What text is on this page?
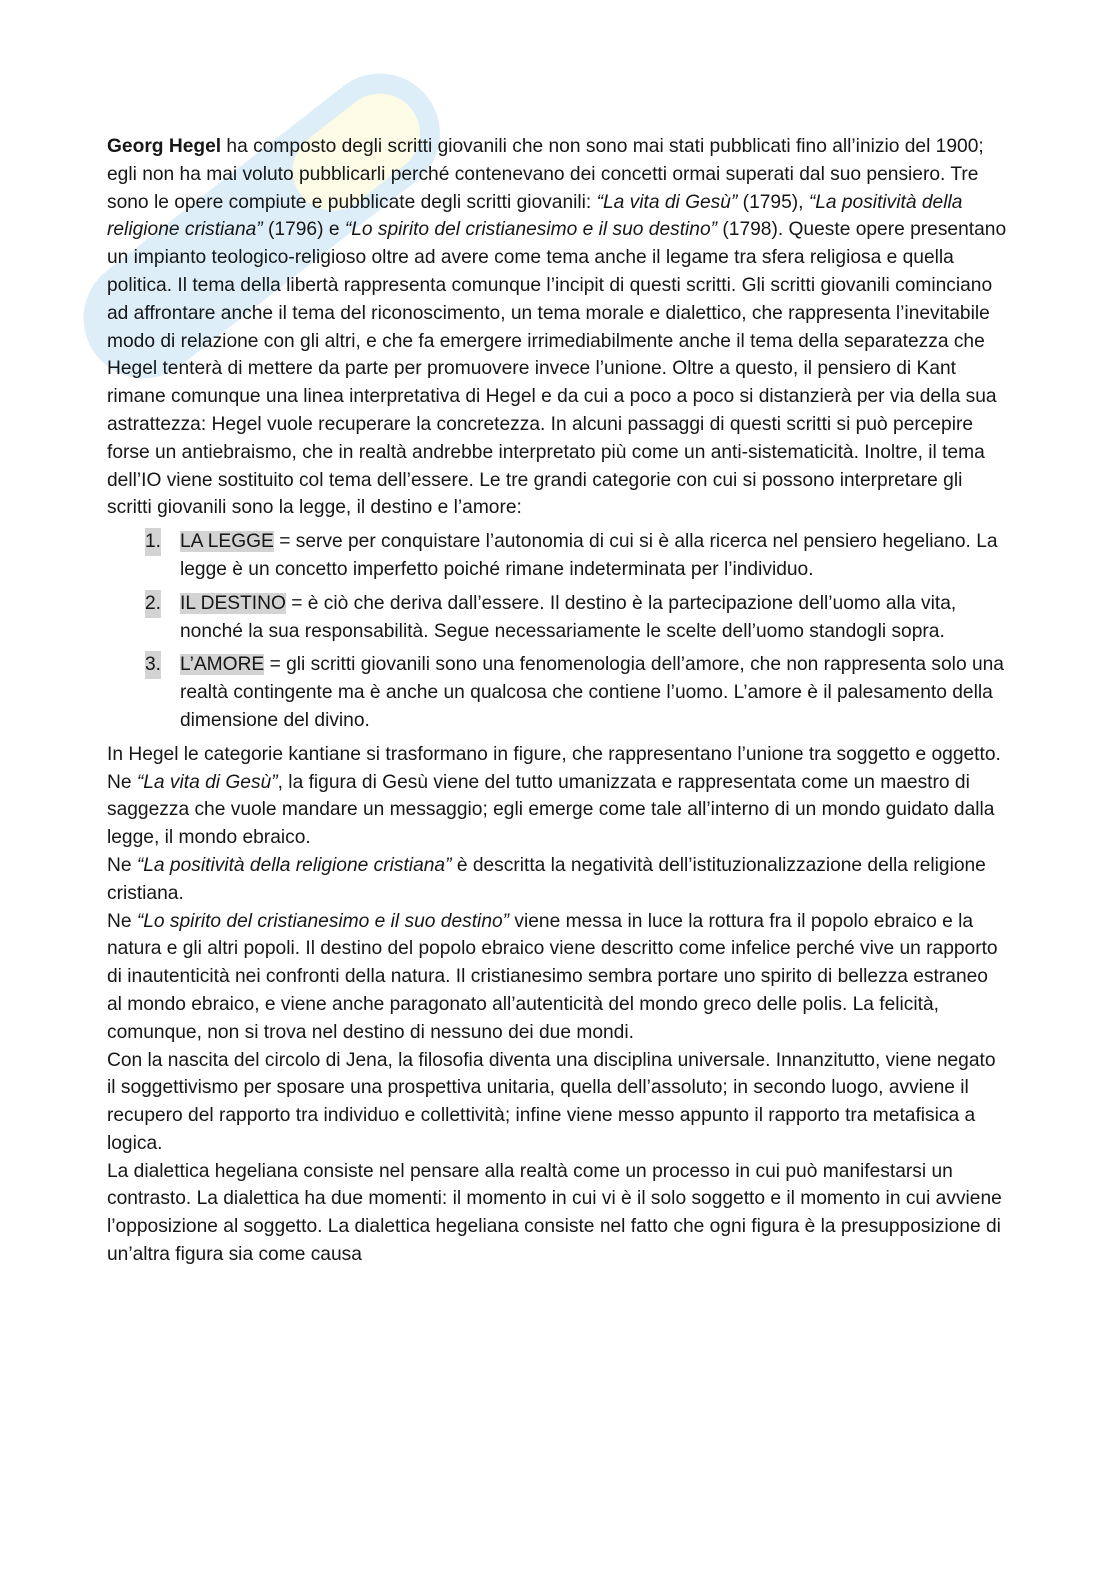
Georg Hegel ha composto degli scritti giovanili che non sono mai stati pubblicati fino all’inizio del 1900; egli non ha mai voluto pubblicarli perché contenevano dei concetti ormai superati dal suo pensiero. Tre sono le opere compiute e pubblicate degli scritti giovanili: “La vita di Gesù” (1795), “La positività della religione cristiana” (1796) e “Lo spirito del cristianesimo e il suo destino” (1798). Queste opere presentano un impianto teologico-religioso oltre ad avere come tema anche il legame tra sfera religiosa e quella politica. Il tema della libertà rappresenta comunque l’incipit di questi scritti. Gli scritti giovanili cominciano ad affrontare anche il tema del riconoscimento, un tema morale e dialettico, che rappresenta l’inevitabile modo di relazione con gli altri, e che fa emergere irrimediabilmente anche il tema della separatezza che Hegel tenterà di mettere da parte per promuovere invece l’unione. Oltre a questo, il pensiero di Kant rimane comunque una linea interpretativa di Hegel e da cui a poco a poco si distanzierà per via della sua astrattezza: Hegel vuole recuperare la concretezza. In alcuni passaggi di questi scritti si può percepire forse un antiebraismo, che in realtà andrebbe interpretato più come un anti-sistematicità. Inoltre, il tema dell’IO viene sostituito col tema dell’essere. Le tre grandi categorie con cui si possono interpretare gli scritti giovanili sono la legge, il destino e l’amore:

1. LA LEGGE = serve per conquistare l’autonomia di cui si è alla ricerca nel pensiero hegeliano. La legge è un concetto imperfetto poiché rimane indeterminata per l’individuo.
2. IL DESTINO = è ciò che deriva dall’essere. Il destino è la partecipazione dell’uomo alla vita, nonché la sua responsabilità. Segue necessariamente le scelte dell’uomo standogli sopra.
3. L’AMORE = gli scritti giovanili sono una fenomenologia dell’amore, che non rappresenta solo una realtà contingente ma è anche un qualcosa che contiene l’uomo. L’amore è il palesamento della dimensione del divino.

In Hegel le categorie kantiane si trasformano in figure, che rappresentano l’unione tra soggetto e oggetto.

Ne “La vita di Gesù”, la figura di Gesù viene del tutto umanizzata e rappresentata come un maestro di saggezza che vuole mandare un messaggio; egli emerge come tale all’interno di un mondo guidato dalla legge, il mondo ebraico.

Ne “La positività della religione cristiana” è descritta la negatività dell’istituzionalizzazione della religione cristiana.

Ne “Lo spirito del cristianesimo e il suo destino” viene messa in luce la rottura fra il popolo ebraico e la natura e gli altri popoli. Il destino del popolo ebraico viene descritto come infelice perché vive un rapporto di inautenticità nei confronti della natura. Il cristianesimo sembra portare uno spirito di bellezza estraneo al mondo ebraico, e viene anche paragonato all’autenticità del mondo greco delle polis. La felicità, comunque, non si trova nel destino di nessuno dei due mondi.

Con la nascita del circolo di Jena, la filosofia diventa una disciplina universale. Innanzitutto, viene negato il soggettivismo per sposare una prospettiva unitaria, quella dell’assoluto; in secondo luogo, avviene il recupero del rapporto tra individuo e collettività; infine viene messo appunto il rapporto tra metafisica a logica.

La dialettica hegeliana consiste nel pensare alla realtà come un processo in cui può manifestarsi un contrasto. La dialettica ha due momenti: il momento in cui vi è il solo soggetto e il momento in cui avviene l’opposizione al soggetto. La dialettica hegeliana consiste nel fatto che ogni figura è la presupposizione di un’altra figura sia come causa
